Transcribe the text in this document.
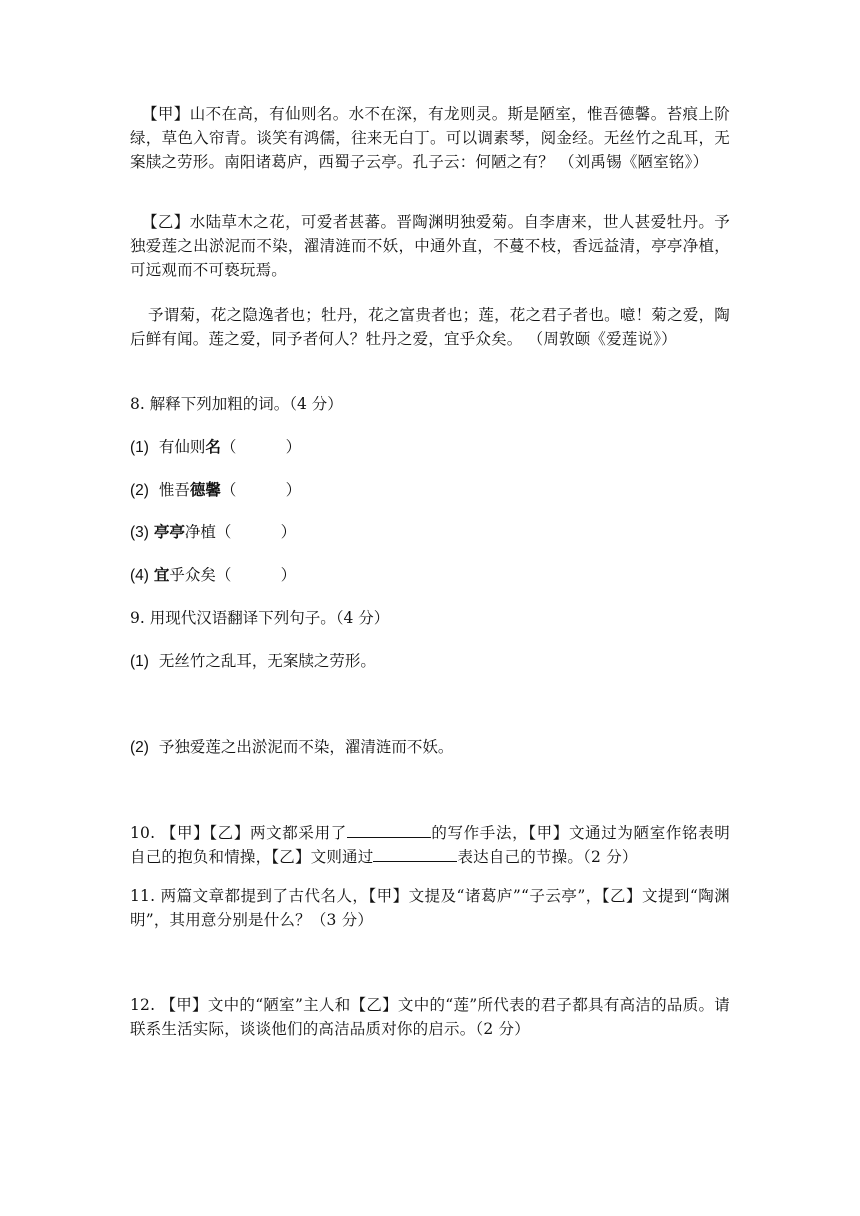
【甲】山不在高，有仙则名。水不在深，有龙则灵。斯是陋室，惟吾德馨。苔痕上阶绿，草色入帘青。谈笑有鸿儒，往来无白丁。可以调素琴，阅金经。无丝竹之乱耳，无案牍之劳形。南阳诸葛庐，西蜀子云亭。孔子云：何陋之有？ （刘禹锡《陋室铭》）

【乙】水陆草木之花，可爱者甚蕃。晋陶渊明独爱菊。自李唐来，世人甚爱牡丹。予独爱莲之出淤泥而不染，濯清涟而不妖，中通外直，不蔓不枝，香远益清，亭亭净植，可远观而不可亵玩焉。

予谓菊，花之隐逸者也；牡丹，花之富贵者也；莲，花之君子者也。噫！菊之爱，陶后鲜有闻。莲之爱，同予者何人？牡丹之爱，宜乎众矣。 （周敦颐《爱莲说》）

8. 解释下列加粗的词。（4 分）

(1) 有仙则名（          ）

(2) 惟吾德馨（          ）

(3) 亭亭净植（          ）

(4) 宜乎众矣（          ）

9. 用现代汉语翻译下列句子。（4 分）

(1) 无丝竹之乱耳，无案牍之劳形。

(2) 予独爱莲之出淤泥而不染，濯清涟而不妖。

10. 【甲】【乙】两文都采用了	的写作手法，【甲】文通过为陋室作铭表明自己的抱负和情操，【乙】文则通过	表达自己的节操。（2 分）

11. 两篇文章都提到了古代名人，【甲】文提及“诸葛庐”“子云亭”，【乙】文提到“陶渊明”，其用意分别是什么？（3 分）

12. 【甲】文中的“陋室”主人和【乙】文中的“莲”所代表的君子都具有高洁的品质。请联系生活实际，谈谈他们的高洁品质对你的启示。（2 分）
